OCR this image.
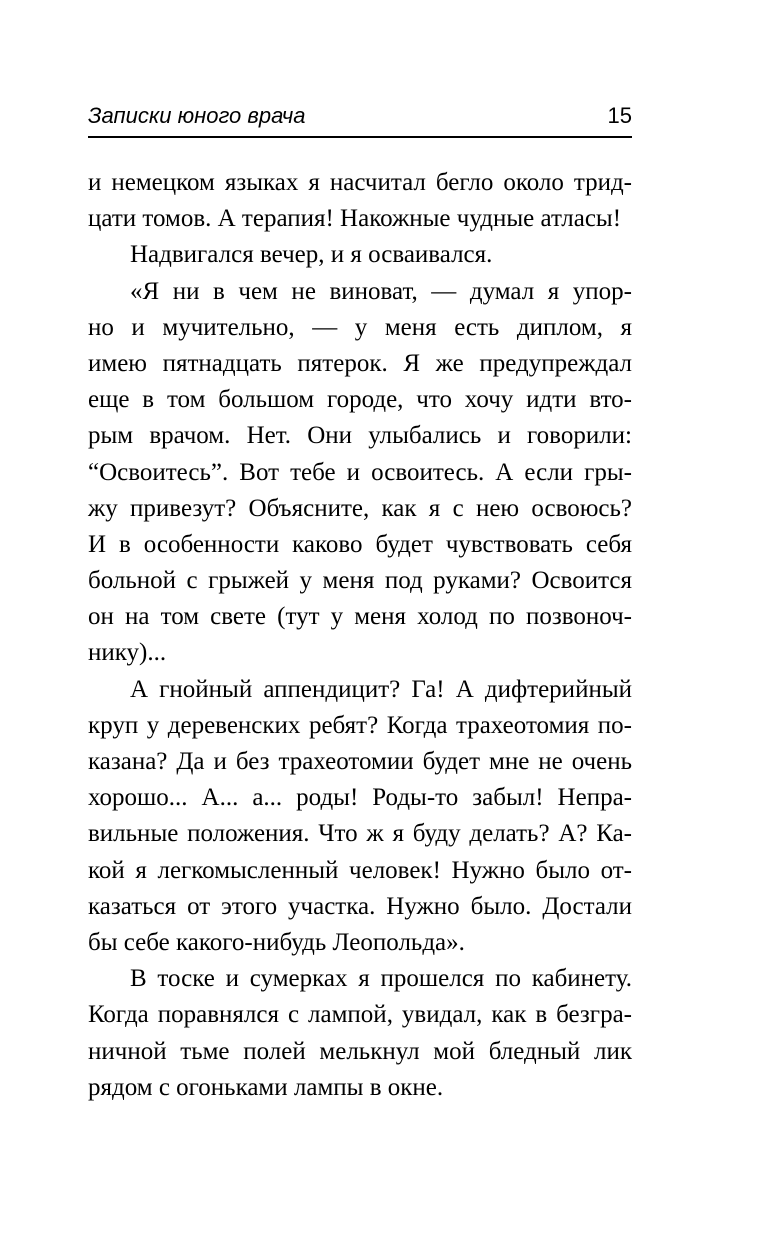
Записки юного врача	15
и немецком языках я насчитал бегло около трид-
цати томов. А терапия! Накожные чудные атласы!
Надвигался вечер, и я осваивался.
«Я ни в чем не виноват, — думал я упор-
но и мучительно, — у меня есть диплом, я
имею пятнадцать пятерок. Я же предупреждал
еще в том большом городе, что хочу идти вто-
рым врачом. Нет. Они улыбались и говорили:
“Освоитесь”. Вот тебе и освоитесь. А если гры-
жу привезут? Объясните, как я с нею освоюсь?
И в особенности каково будет чувствовать себя
больной с грыжей у меня под руками? Освоится
он на том свете (тут у меня холод по позвоноч-
нику)...
А гнойный аппендицит? Га! А дифтерийный
круп у деревенских ребят? Когда трахеотомия по-
казана? Да и без трахеотомии будет мне не очень
хорошо... А... а... роды! Роды-то забыл! Непра-
вильные положения. Что ж я буду делать? А? Ка-
кой я легкомысленный человек! Нужно было от-
казаться от этого участка. Нужно было. Достали
бы себе какого-нибудь Леопольда».
В тоске и сумерках я прошелся по кабинету.
Когда поравнялся с лампой, увидал, как в безгра-
ничной тьме полей мелькнул мой бледный лик
рядом с огоньками лампы в окне.
